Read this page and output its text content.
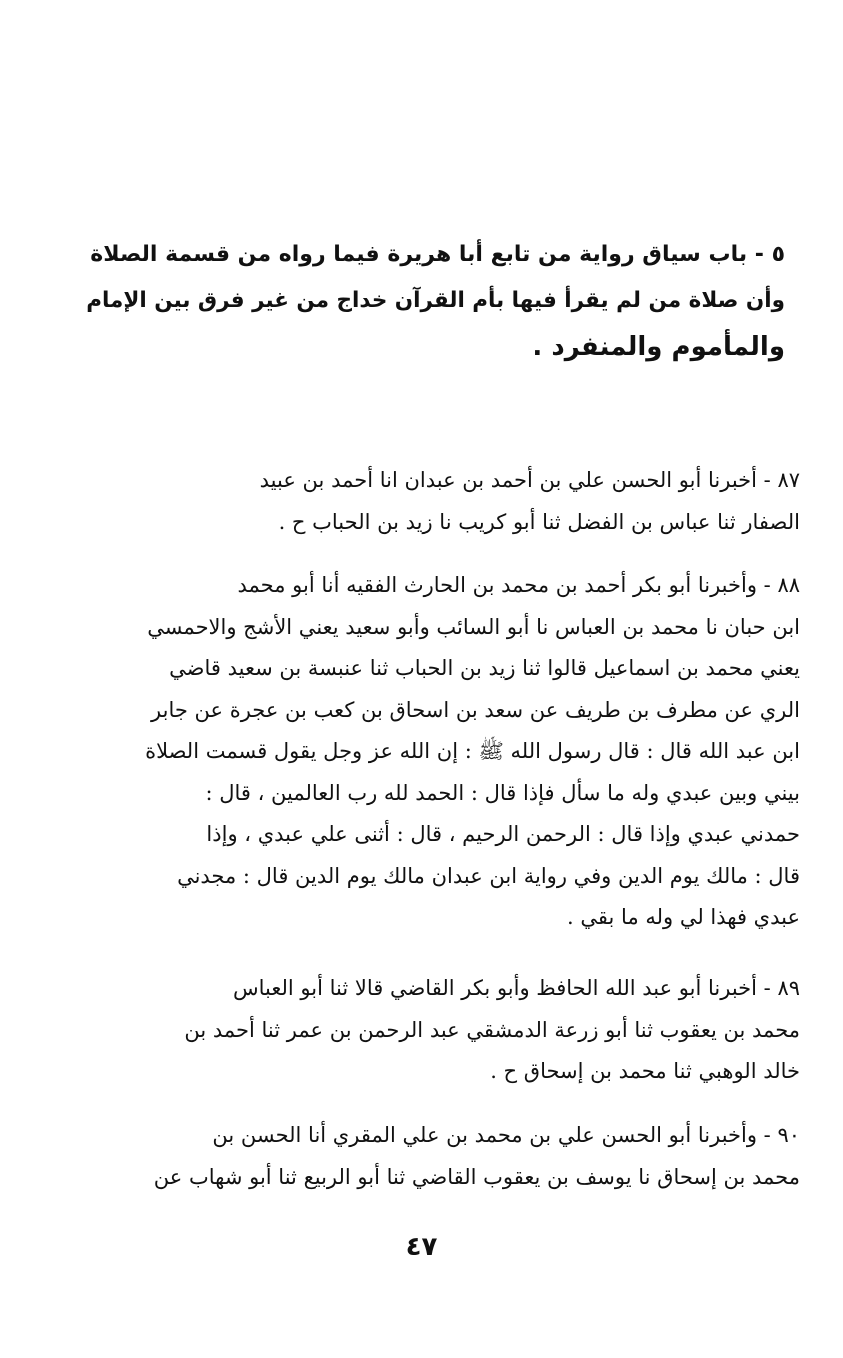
٥ - باب سياق رواية من تابع أبا هريرة فيما رواه من قسمة الصلاة
وأن صلاة من لم يقرأ فيها بأم القرآن خداج من غير فرق بين الإمام
والمأموم والمنفرد .
٨٧ - أخبرنا أبو الحسن علي بن أحمد بن عبدان انا أحمد بن عبيد
الصفار ثنا عباس بن الفضل ثنا أبو كريب نا زيد بن الحباب ح .
٨٨ - وأخبرنا أبو بكر أحمد بن محمد بن الحارث الفقيه أنا أبو محمد
ابن حبان نا محمد بن العباس نا أبو السائب وأبو سعيد يعني الأشج والاحمسي
يعني محمد بن اسماعيل قالوا ثنا زيد بن الحباب ثنا عنبسة بن سعيد قاضي
الري عن مطرف بن طريف عن سعد بن اسحاق بن كعب بن عجرة عن جابر
ابن عبد الله قال : قال رسول الله ﷺ : إن الله عز وجل يقول قسمت الصلاة
بيني وبين عبدي وله ما سأل فإذا قال : الحمد لله رب العالمين ، قال :
حمدني عبدي وإذا قال : الرحمن الرحيم ، قال : أثنى علي عبدي ، وإذا
قال : مالك يوم الدين وفي رواية ابن عبدان مالك يوم الدين قال : مجدني
عبدي فهذا لي وله ما بقي .
٨٩ - أخبرنا أبو عبد الله الحافظ وأبو بكر القاضي قالا ثنا أبو العباس
محمد بن يعقوب ثنا أبو زرعة الدمشقي عبد الرحمن بن عمر ثنا أحمد بن
خالد الوهبي ثنا محمد بن إسحاق ح .
٩٠ - وأخبرنا أبو الحسن علي بن محمد بن علي المقري أنا الحسن بن
محمد بن إسحاق نا يوسف بن يعقوب القاضي ثنا أبو الربيع ثنا أبو شهاب عن
٤٧
